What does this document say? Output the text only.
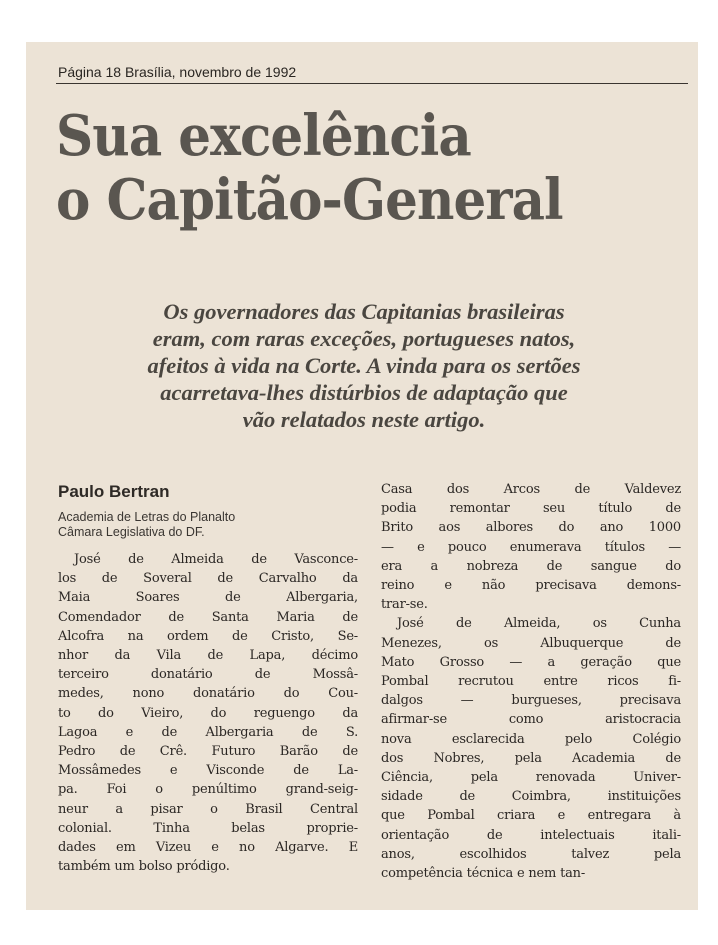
Página 18 Brasília, novembro de 1992
Sua excelência
o Capitão-General
Os governadores das Capitanias brasileiras
eram, com raras exceções, portugueses natos,
afeitos à vida na Corte. A vinda para os sertões
acarretava-lhes distúrbios de adaptação que
vão relatados neste artigo.
Paulo Bertran
Academia de Letras do Planalto
Câmara Legislativa do DF.
José de Almeida de Vasconce-
los de Soveral de Carvalho da
Maia Soares de Albergaria,
Comendador de Santa Maria de
Alcofra na ordem de Cristo, Se-
nhor da Vila de Lapa, décimo
terceiro donatário de Mossâ-
medes, nono donatário do Cou-
to do Vieiro, do reguengo da
Lagoa e de Albergaria de S.
Pedro de Crê. Futuro Barão de
Mossâmedes e Visconde de La-
pa. Foi o penúltimo grand-seig-
neur a pisar o Brasil Central
colonial. Tinha belas proprie-
dades em Vizeu e no Algarve. E
também um bolso pródigo.
Casa dos Arcos de Valdevez
podia remontar seu título de
Brito aos albores do ano 1000
— e pouco enumerava títulos —
era a nobreza de sangue do
reino e não precisava demons-
trar-se.
José de Almeida, os Cunha
Menezes, os Albuquerque de
Mato Grosso — a geração que
Pombal recrutou entre ricos fi-
dalgos — burgueses, precisava
afirmar-se como aristocracia
nova esclarecida pelo Colégio
dos Nobres, pela Academia de
Ciência, pela renovada Univer-
sidade de Coimbra, instituições
que Pombal criara e entregara à
orientação de intelectuais itali-
anos, escolhidos talvez pela
competência técnica e nem tan-
